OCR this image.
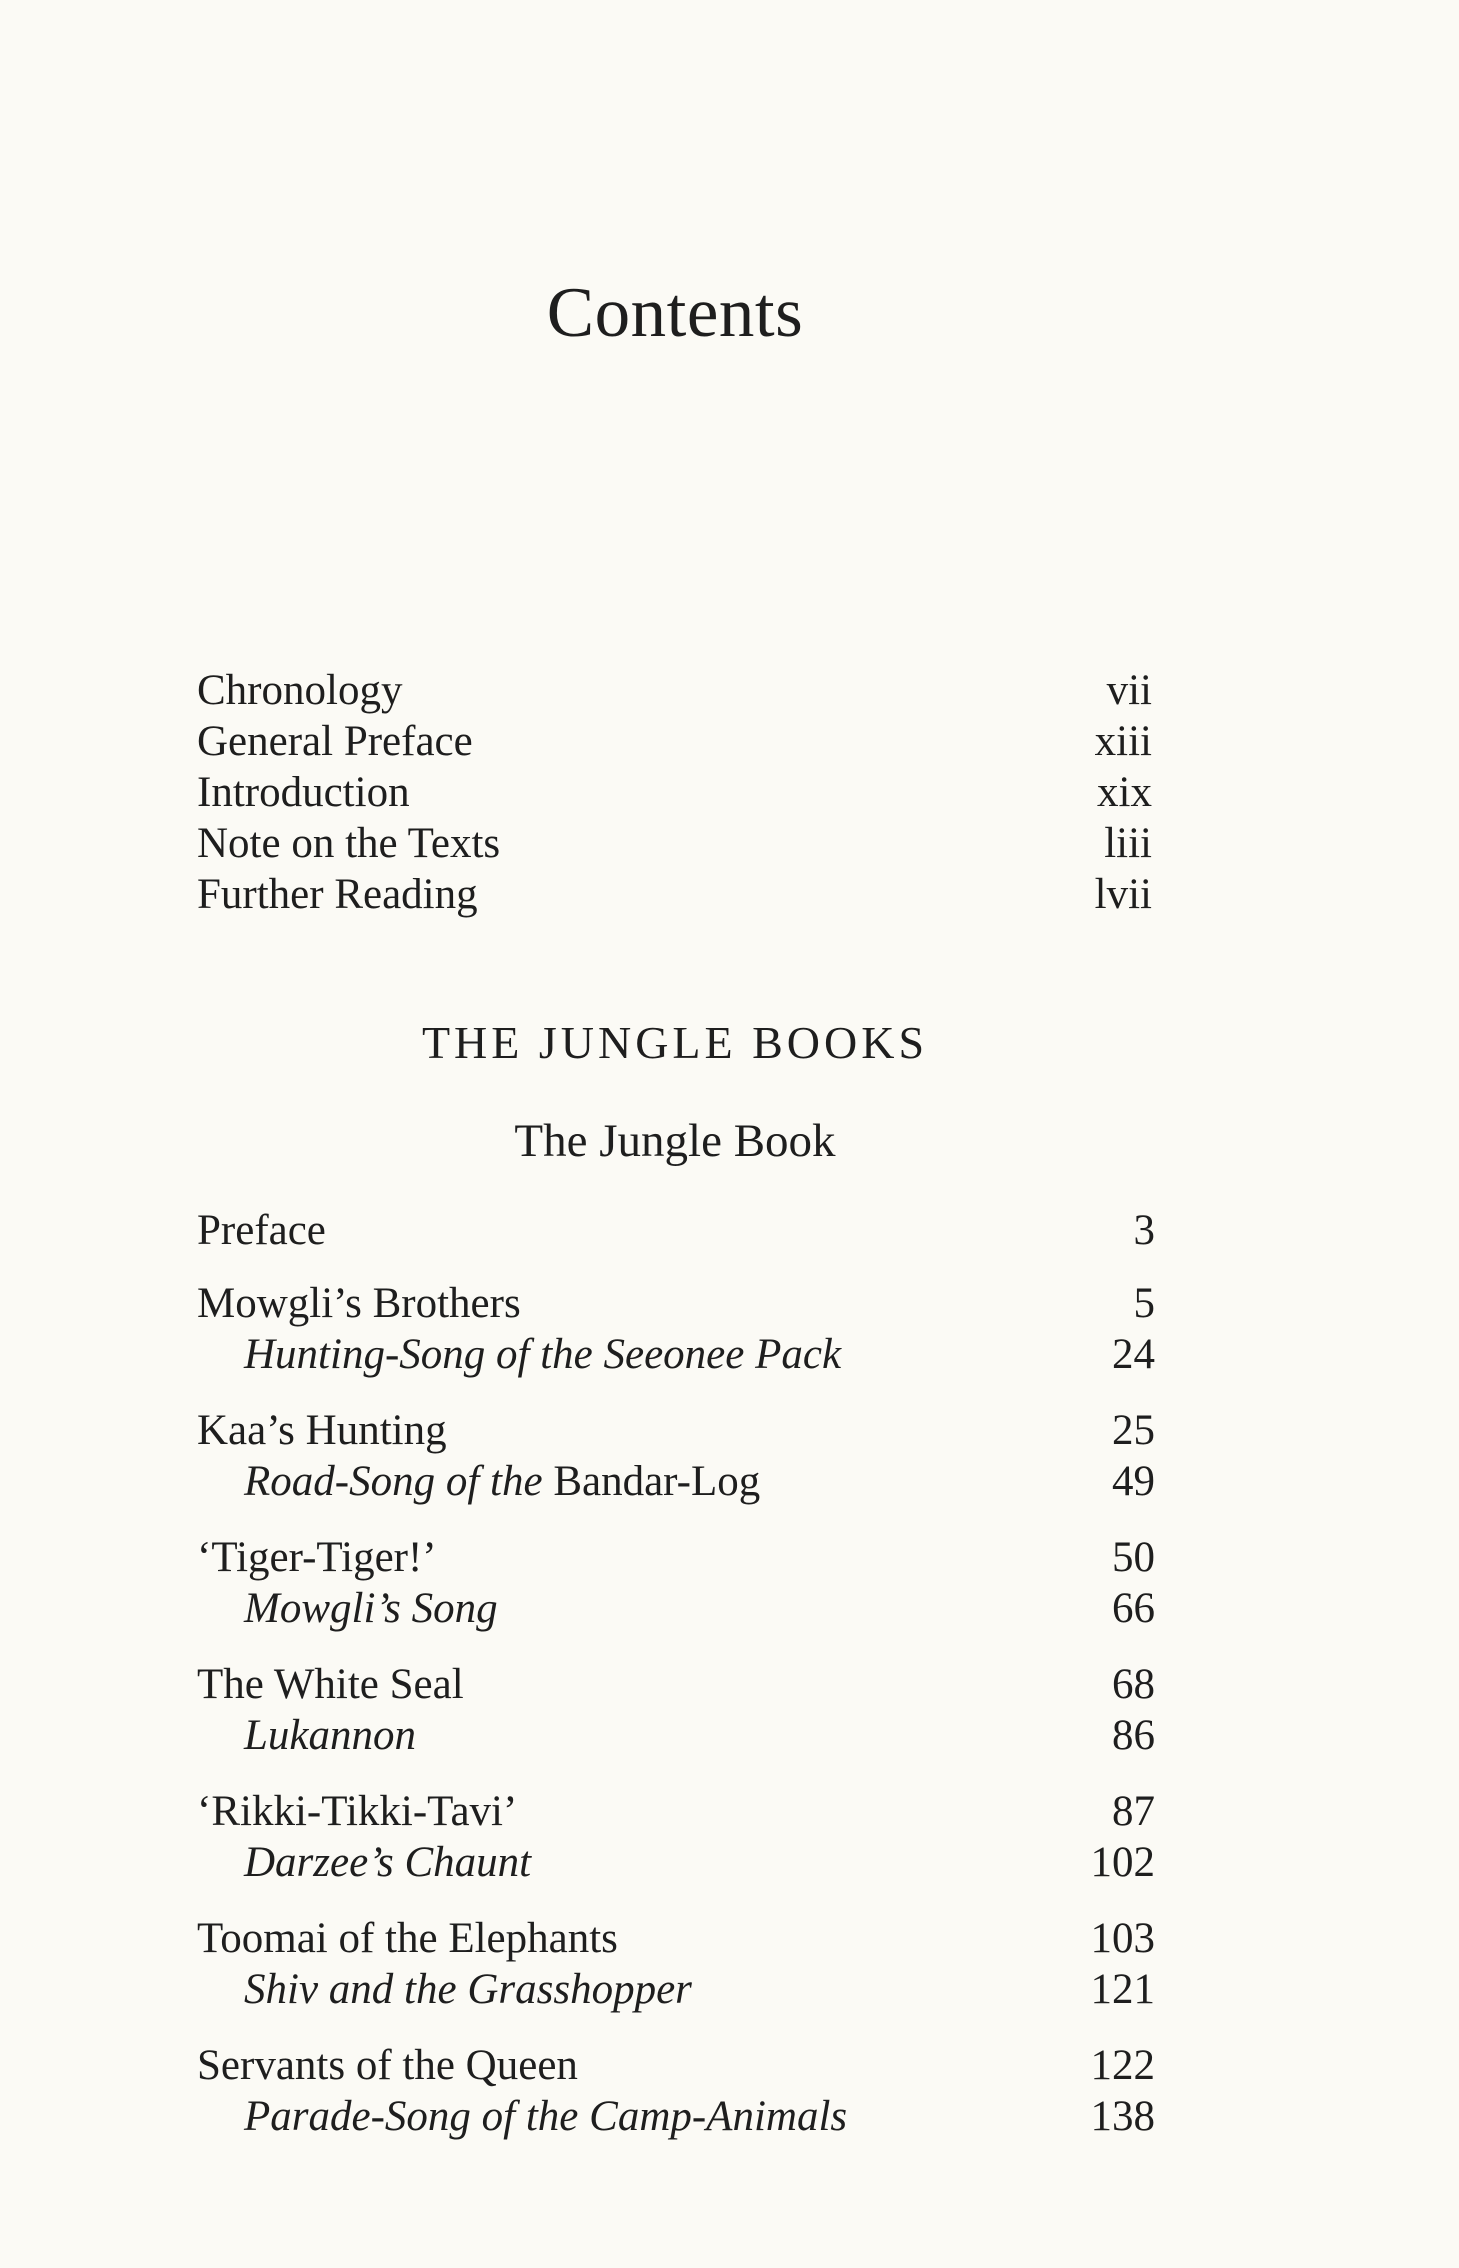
Contents
Chronology	vii
General Preface	xiii
Introduction	xix
Note on the Texts	liii
Further Reading	lvii
THE JUNGLE BOOKS
The Jungle Book
Preface	3
Mowgli’s Brothers	5
Hunting-Song of the Seeonee Pack	24
Kaa’s Hunting	25
Road-Song of the Bandar-Log	49
‘Tiger-Tiger!’	50
Mowgli’s Song	66
The White Seal	68
Lukannon	86
‘Rikki-Tikki-Tavi’	87
Darzee’s Chaunt	102
Toomai of the Elephants	103
Shiv and the Grasshopper	121
Servants of the Queen	122
Parade-Song of the Camp-Animals	138
